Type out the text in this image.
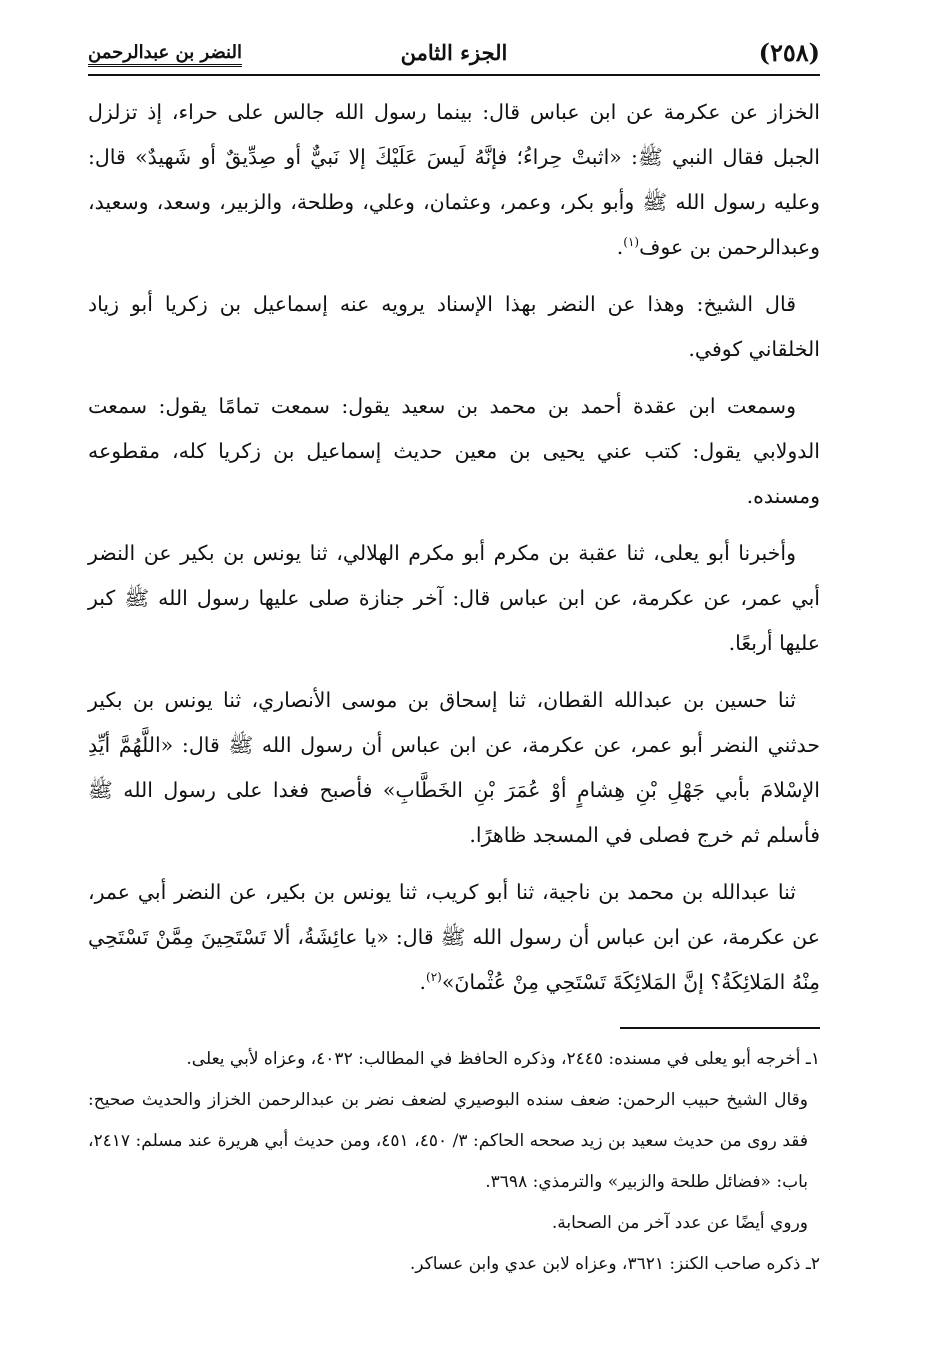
(٢٥٨)
الجزء الثامن
النضر بن عبدالرحمن

الخزاز عن عكرمة عن ابن عباس قال: بينما رسول الله جالس على حراء، إذ تزلزل الجبل فقال النبي ﷺ: «اثبتْ حِراءُ؛ فإنَّهُ لَيسَ عَلَيْكَ إلا نَبيٌّ أو صِدِّيقٌ أو شَهيدٌ» قال: وعليه رسول الله ﷺ وأبو بكر، وعمر، وعثمان، وعلي، وطلحة، والزبير، وسعد، وسعيد، وعبدالرحمن بن عوف$^{(١)}$.

قال الشيخ: وهذا عن النضر بهذا الإسناد يرويه عنه إسماعيل بن زكريا أبو زياد الخلقاني كوفي.

وسمعت ابن عقدة أحمد بن محمد بن سعيد يقول: سمعت تمامًا يقول: سمعت الدولابي يقول: كتب عني يحيى بن معين حديث إسماعيل بن زكريا كله، مقطوعه ومسنده.

وأخبرنا أبو يعلى، ثنا عقبة بن مكرم أبو مكرم الهلالي، ثنا يونس بن بكير عن النضر أبي عمر، عن عكرمة، عن ابن عباس قال: آخر جنازة صلى عليها رسول الله ﷺ كبر عليها أربعًا.

ثنا حسين بن عبدالله القطان، ثنا إسحاق بن موسى الأنصاري، ثنا يونس بن بكير حدثني النضر أبو عمر، عن عكرمة، عن ابن عباس أن رسول الله ﷺ قال: «اللَّهُمَّ أيِّدِ الإسْلامَ بأبي جَهْلِ بْنِ هِشامٍ أوْ عُمَرَ بْنِ الخَطَّابِ» فأصبح فغدا على رسول الله ﷺ فأسلم ثم خرج فصلى في المسجد ظاهرًا.

ثنا عبدالله بن محمد بن ناجية، ثنا أبو كريب، ثنا يونس بن بكير، عن النضر أبي عمر، عن عكرمة، عن ابن عباس أن رسول الله ﷺ قال: «يا عائِشَةُ، ألا تَسْتَحِينَ مِمَّنْ تَسْتَحِي مِنْهُ المَلائِكَةُ؟ إنَّ المَلائِكَةَ تَسْتَحِي مِنْ عُثْمانَ»$^{(٢)}$.

١ـ أخرجه أبو يعلى في مسنده: ٢٤٤٥، وذكره الحافظ في المطالب: ٤٠٣٢، وعزاه لأبي يعلى.

وقال الشيخ حبيب الرحمن: ضعف سنده البوصيري لضعف نضر بن عبدالرحمن الخزاز والحديث صحيح: فقد روى من حديث سعيد بن زيد صححه الحاكم: ٣/ ٤٥٠، ٤٥١، ومن حديث أبي هريرة عند مسلم: ٢٤١٧، باب: «فضائل طلحة والزبير» والترمذي: ٣٦٩٨.

وروي أيضًا عن عدد آخر من الصحابة.

٢ـ ذكره صاحب الكنز: ٣٦٢١، وعزاه لابن عدي وابن عساكر.
